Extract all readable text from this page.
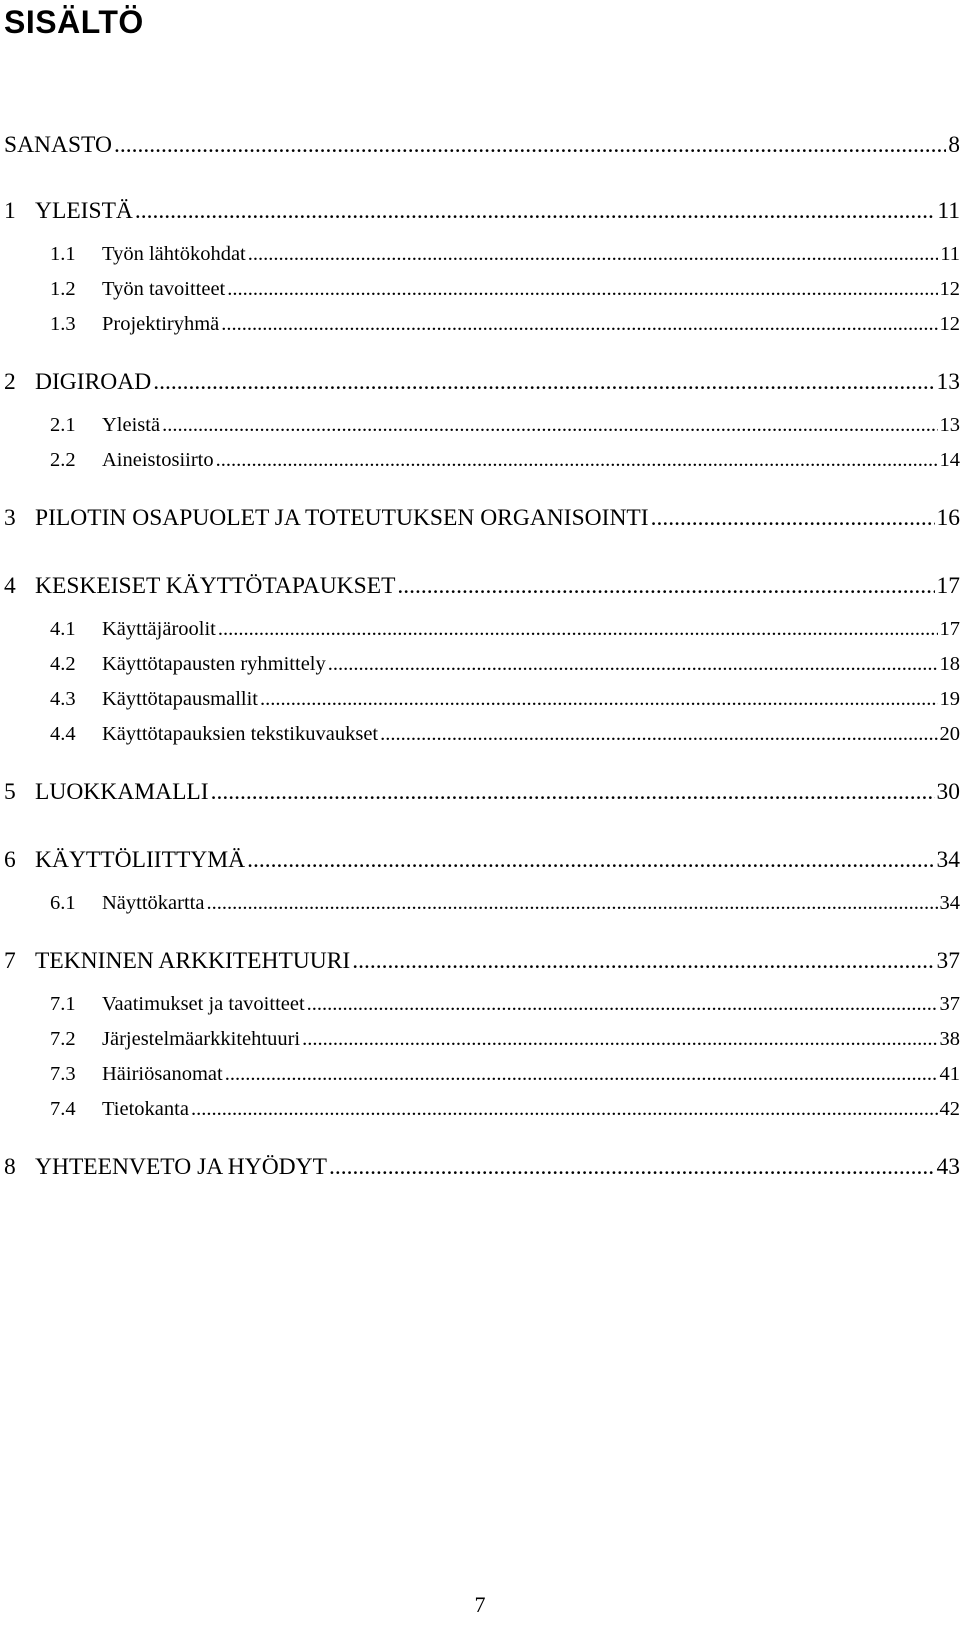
SISÄLTÖ
SANASTO .....	8
1 YLEISTÄ .....	11
1.1	Työn lähtökohdat .....	11
1.2	Työn tavoitteet .....	12
1.3	Projektiryhmä .....	12
2 DIGIROAD .....	13
2.1	Yleistä .....	13
2.2	Aineistosiirto .....	14
3 PILOTIN OSAPUOLET JA TOTEUTUKSEN ORGANISOINTI .....	16
4 KESKEISET KÄYTTÖTAPAUKSET .....	17
4.1	Käyttäjäroolit .....	17
4.2	Käyttötapausten ryhmittely .....	18
4.3	Käyttötapausmallit .....	19
4.4	Käyttötapauksien tekstikuvaukset .....	20
5 LUOKKAMALLI .....	30
6 KÄYTTÖLIITTYMÄ .....	34
6.1	Näyttökartta .....	34
7 TEKNINEN ARKKITEHTUURI .....	37
7.1	Vaatimukset ja tavoitteet .....	37
7.2	Järjestelmäarkkitehtuuri .....	38
7.3	Häiriösanomat .....	41
7.4	Tietokanta .....	42
8 YHTEENVETO JA HYÖDYT .....	43
7
